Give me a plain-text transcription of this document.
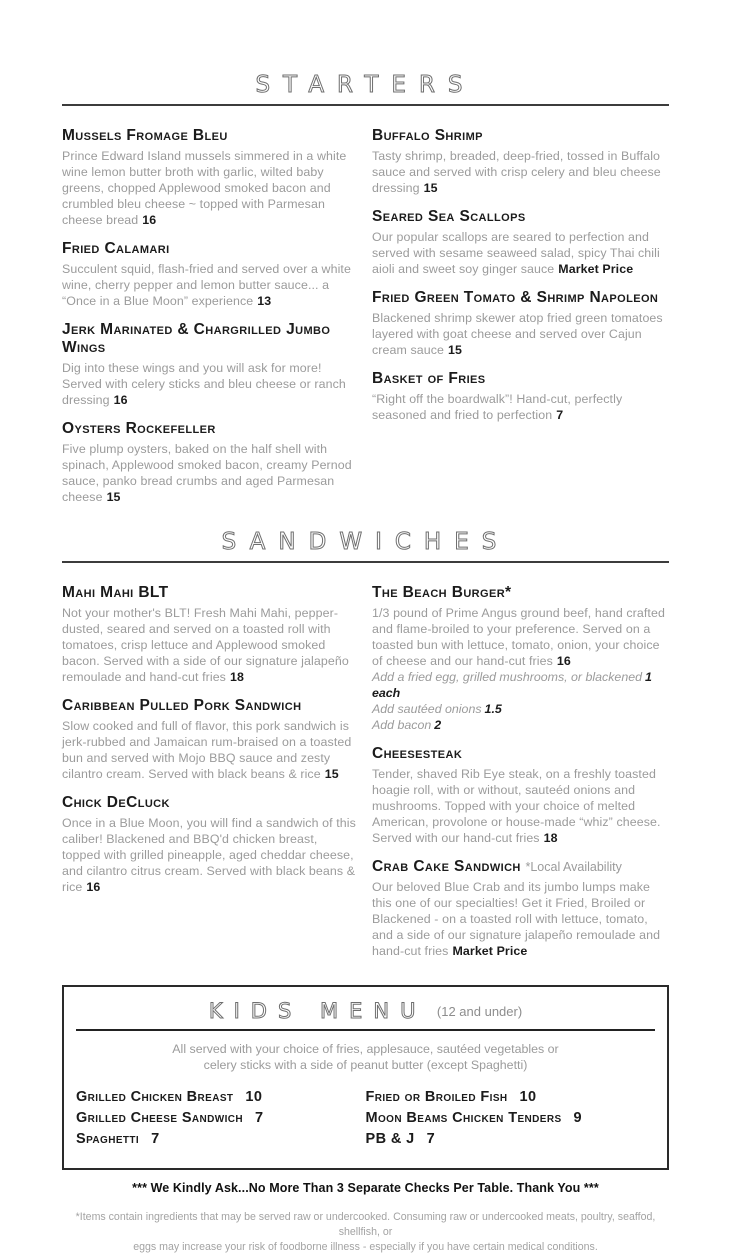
STARTERS
Mussels Fromage Bleu

Prince Edward Island mussels simmered in a white wine lemon butter broth with garlic, wilted baby greens, chopped Applewood smoked bacon and crumbled bleu cheese ~ topped with Parmesan cheese bread 16

Fried Calamari

Succulent squid, flash-fried and served over a white wine, cherry pepper and lemon butter sauce... a “Once in a Blue Moon” experience 13

Jerk Marinated & Chargrilled Jumbo Wings

Dig into these wings and you will ask for more! Served with celery sticks and bleu cheese or ranch dressing 16

Oysters Rockefeller

Five plump oysters, baked on the half shell with spinach, Applewood smoked bacon, creamy Pernod sauce, panko bread crumbs and aged Parmesan cheese 15

Buffalo Shrimp

Tasty shrimp, breaded, deep-fried, tossed in Buffalo sauce and served with crisp celery and bleu cheese dressing 15

Seared Sea Scallops

Our popular scallops are seared to perfection and served with sesame seaweed salad, spicy Thai chili aioli and sweet soy ginger sauce Market Price

Fried Green Tomato & Shrimp Napoleon

Blackened shrimp skewer atop fried green tomatoes layered with goat cheese and served over Cajun cream sauce 15

Basket of Fries

“Right off the boardwalk”! Hand-cut, perfectly seasoned and fried to perfection 7

SANDWICHES
Mahi Mahi BLT

Not your mother's BLT! Fresh Mahi Mahi, pepper-dusted, seared and served on a toasted roll with tomatoes, crisp lettuce and Applewood smoked bacon. Served with a side of our signature jalapeño remoulade and hand-cut fries 18

Caribbean Pulled Pork Sandwich

Slow cooked and full of flavor, this pork sandwich is jerk-rubbed and Jamaican rum-braised on a toasted bun and served with Mojo BBQ sauce and zesty cilantro cream. Served with black beans & rice 15

Chick DeCluck

Once in a Blue Moon, you will find a sandwich of this caliber! Blackened and BBQ'd chicken breast, topped with grilled pineapple, aged cheddar cheese, and cilantro citrus cream. Served with black beans & rice 16

The Beach Burger*

1/3 pound of Prime Angus ground beef, hand crafted and flame-broiled to your preference. Served on a toasted bun with lettuce, tomato, onion, your choice of cheese and our hand-cut fries 16

Add a fried egg, grilled mushrooms, or blackened 1 each

Add sautéed onions 1.5

Add bacon 2

Cheesesteak

Tender, shaved Rib Eye steak, on a freshly toasted hoagie roll, with or without, sauteéd onions and mushrooms. Topped with your choice of melted American, provolone or house-made “whiz” cheese. Served with our hand-cut fries 18

Crab Cake Sandwich *Local Availability

Our beloved Blue Crab and its jumbo lumps make this one of our specialties! Get it Fried, Broiled or Blackened - on a toasted roll with lettuce, tomato, and a side of our signature jalapeño remoulade and hand-cut fries Market Price

KIDS MENU (12 and under)
All served with your choice of fries, applesauce, sautéed vegetables or
celery sticks with a side of peanut butter (except Spaghetti)
Grilled Chicken Breast 10
Grilled Cheese Sandwich 7
Spaghetti 7
Fried or Broiled Fish 10
Moon Beams Chicken Tenders 9
PB & J 7
*** We Kindly Ask...No More Than 3 Separate Checks Per Table. Thank You ***
*Items contain ingredients that may be served raw or undercooked. Consuming raw or undercooked meats, poultry, seaffod, shellfish, or
eggs may increase your risk of foodborne illness - especially if you have certain medical conditions.
